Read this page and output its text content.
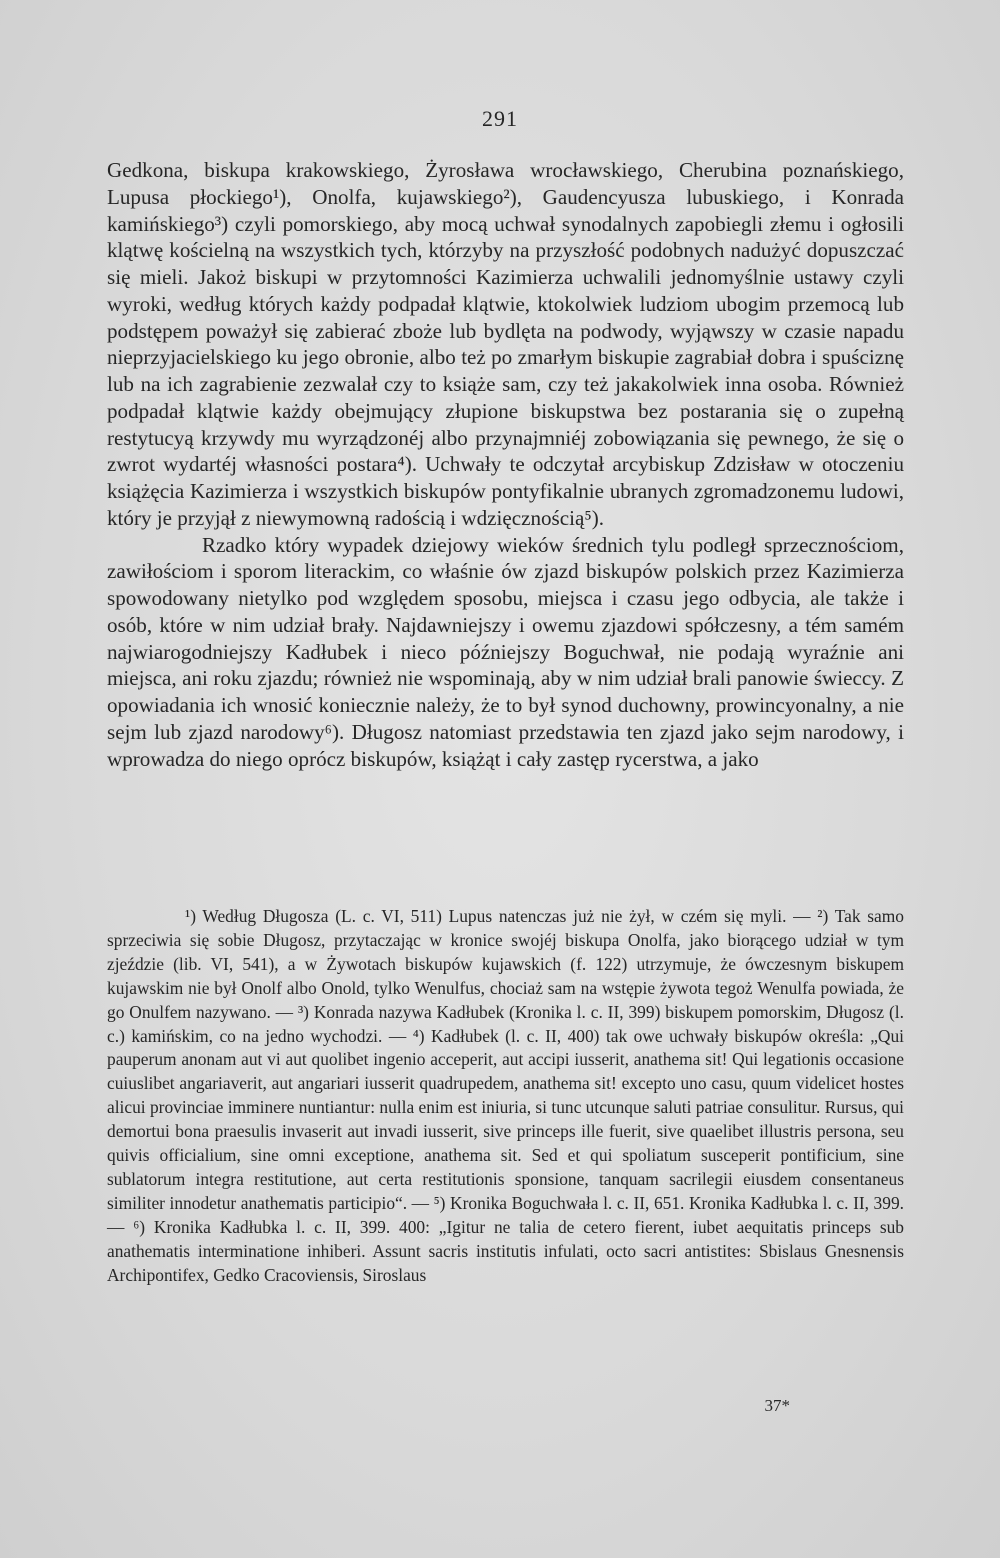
291

Gedkona, biskupa krakowskiego, Żyrosława wrocławskiego, Cherubina poznańskiego, Lupusa płockiego¹), Onolfa, kujawskiego²), Gaudencyusza lubuskiego, i Konrada kamińskiego³) czyli pomorskiego, aby mocą uchwał synodalnych zapobiegli złemu i ogłosili klątwę kościelną na wszystkich tych, którzyby na przyszłość podobnych nadużyć dopuszczać się mieli. Jakoż biskupi w przytomności Kazimierza uchwalili jednomyślnie ustawy czyli wyroki, według których każdy podpadał klątwie, ktokolwiek ludziom ubogim przemocą lub podstępem poważył się zabierać zboże lub bydlęta na podwody, wyjąwszy w czasie napadu nieprzyjacielskiego ku jego obronie, albo też po zmarłym biskupie zagrabiał dobra i spuściznę lub na ich zagrabienie zezwalał czy to książe sam, czy też jakakolwiek inna osoba. Również podpadał klątwie każdy obejmujący złupione biskupstwa bez postarania się o zupełną restytucyą krzywdy mu wyrządzonéj albo przynajmniéj zobowiązania się pewnego, że się o zwrot wydartéj własności postara⁴). Uchwały te odczytał arcybiskup Zdzisław w otoczeniu książęcia Kazimierza i wszystkich biskupów pontyfikalnie ubranych zgromadzonemu ludowi, który je przyjął z niewymowną radością i wdzięcznością⁵).

Rzadko który wypadek dziejowy wieków średnich tylu podległ sprzecznościom, zawiłościom i sporom literackim, co właśnie ów zjazd biskupów polskich przez Kazimierza spowodowany nietylko pod względem sposobu, miejsca i czasu jego odbycia, ale także i osób, które w nim udział brały. Najdawniejszy i owemu zjazdowi spółczesny, a tém samém najwiarogodniejszy Kadłubek i nieco późniejszy Boguchwał, nie podają wyraźnie ani miejsca, ani roku zjazdu; również nie wspominają, aby w nim udział brali panowie świeccy. Z opowiadania ich wnosić koniecznie należy, że to był synod duchowny, prowincyonalny, a nie sejm lub zjazd narodowy⁶). Długosz natomiast przedstawia ten zjazd jako sejm narodowy, i wprowadza do niego oprócz biskupów, książąt i cały zastęp rycerstwa, a jako

¹) Według Długosza (L. c. VI, 511) Lupus natenczas już nie żył, w czém się myli. — ²) Tak samo sprzeciwia się sobie Długosz, przytaczając w kronice swojéj biskupa Onolfa, jako biorącego udział w tym zjeździe (lib. VI, 541), a w Żywotach biskupów kujawskich (f. 122) utrzymuje, że ówczesnym biskupem kujawskim nie był Onolf albo Onold, tylko Wenulfus, chociaż sam na wstępie żywota tegoż Wenulfa powiada, że go Onulfem nazywano. — ³) Konrada nazywa Kadłubek (Kronika l. c. II, 399) biskupem pomorskim, Długosz (l. c.) kamińskim, co na jedno wychodzi. — ⁴) Kadłubek (l. c. II, 400) tak owe uchwały biskupów określa: „Qui pauperum anonam aut vi aut quolibet ingenio acceperit, aut accipi iusserit, anathema sit! Qui legationis occasione cuiuslibet angariaverit, aut angariari iusserit quadrupedem, anathema sit! excepto uno casu, quum videlicet hostes alicui provinciae imminere nuntiantur: nulla enim est iniuria, si tunc utcunque saluti patriae consulitur. Rursus, qui demortui bona praesulis invaserit aut invadi iusserit, sive princeps ille fuerit, sive quaelibet illustris persona, seu quivis officialium, sine omni exceptione, anathema sit. Sed et qui spoliatum susceperit pontificium, sine sublatorum integra restitutione, aut certa restitutionis sponsione, tanquam sacrilegii eiusdem consentaneus similiter innodetur anathematis participio“. — ⁵) Kronika Boguchwała l. c. II, 651. Kronika Kadłubka l. c. II, 399. — ⁶) Kronika Kadłubka l. c. II, 399. 400: „Igitur ne talia de cetero fierent, iubet aequitatis princeps sub anathematis interminatione inhiberi. Assunt sacris institutis infulati, octo sacri antistites: Sbislaus Gnesnensis Archipontifex, Gedko Cracoviensis, Siroslaus

37*
